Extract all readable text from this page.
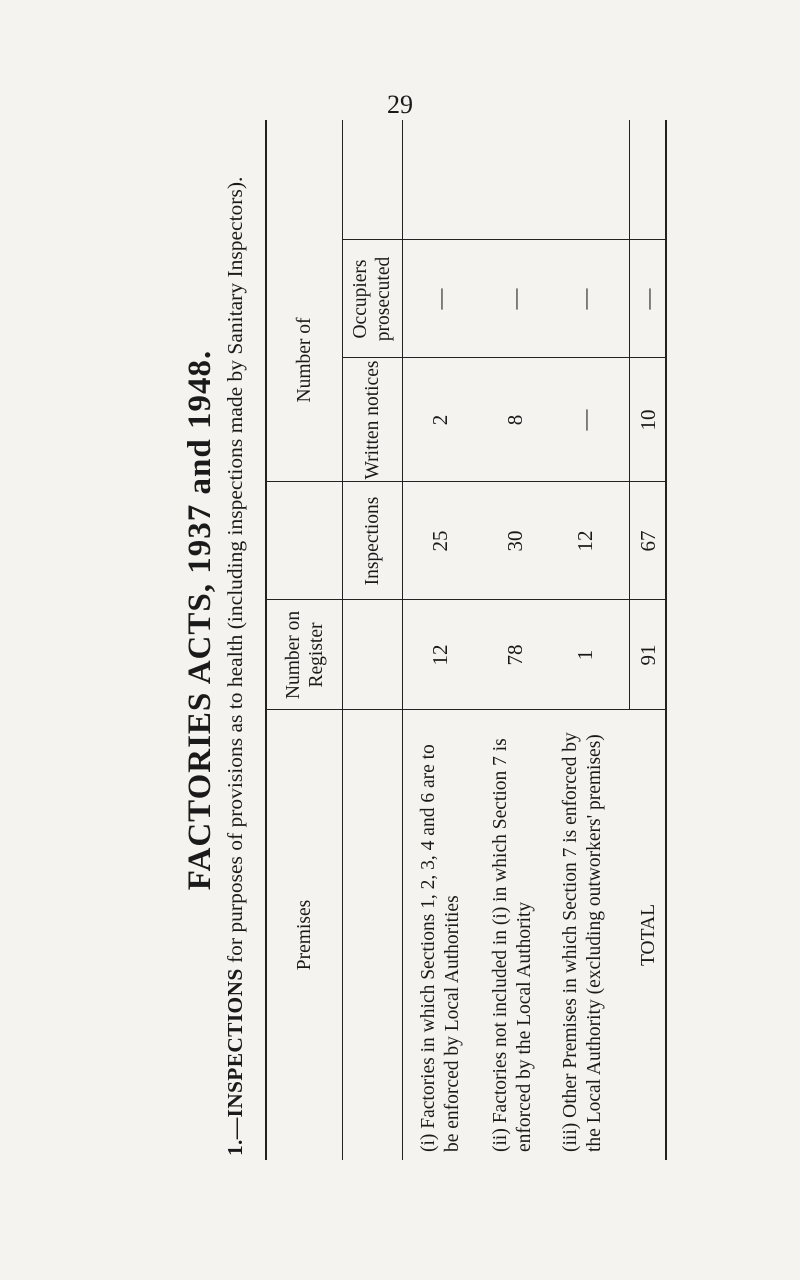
29
FACTORIES ACTS, 1937 and 1948.
1.—INSPECTIONS for purposes of provisions as to health (including inspections made by Sanitary Inspectors).	Premises
Number on Register
Number of
Inspections
Written notices
Occupiers prosecuted
(i) Factories in which Sections 1, 2, 3, 4 and 6 are to be enforced by Local Authorities
12
25
2
—
(ii) Factories not included in (i) in which Section 7 is enforced by the Local Authority
78
30
8
—
(iii) Other Premises in which Section 7 is enforced by the Local Authority (excluding outworkers' premises)
1
12
—
—
TOTAL
91
67
10
—
